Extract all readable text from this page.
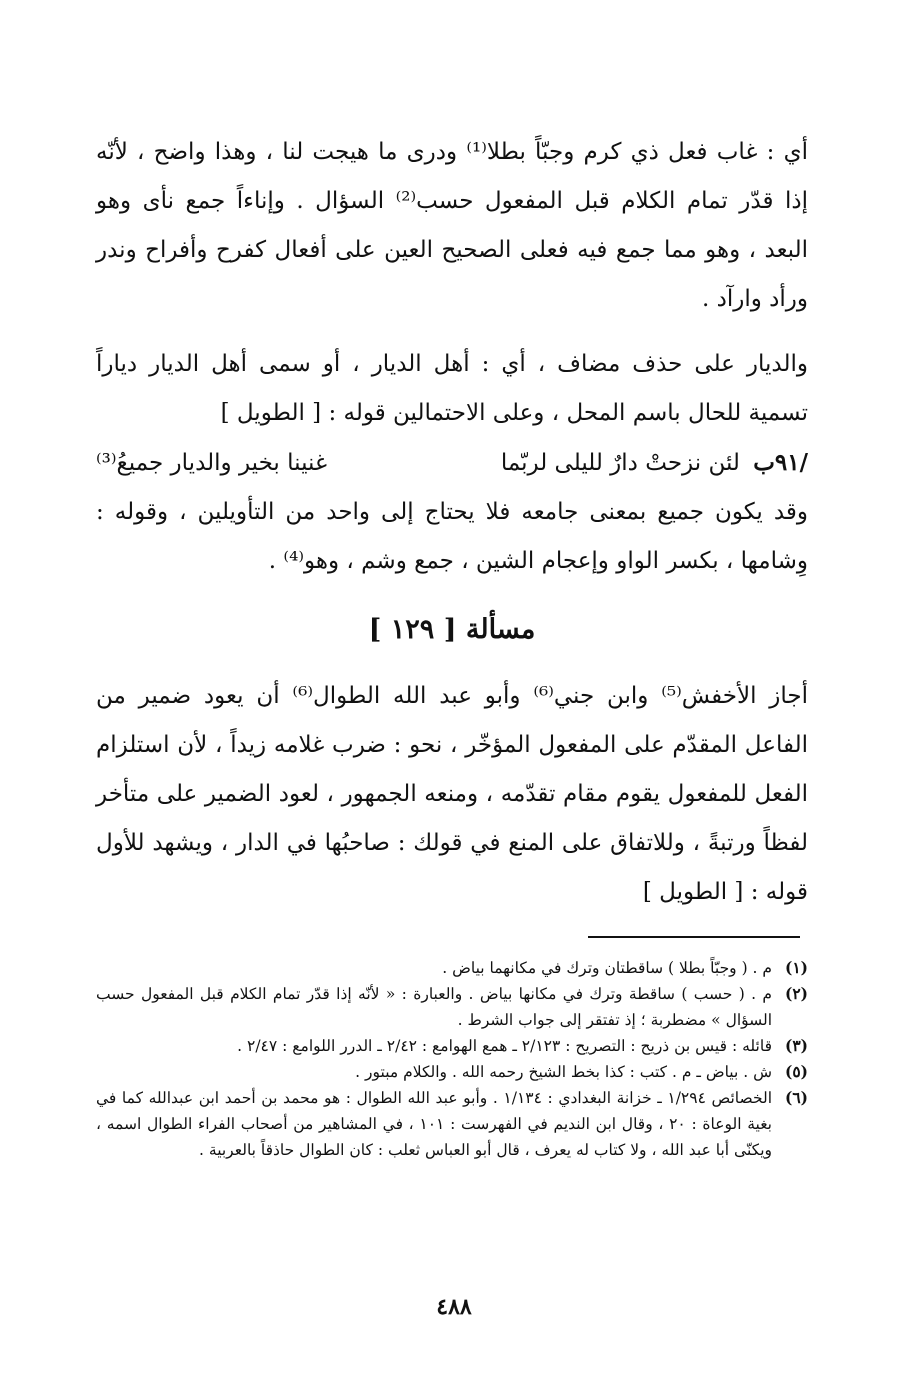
أي : غاب فعل ذي كرم وجبّاً بطلا⁽¹⁾ ودرى ما هيجت لنا ، وهذا واضح ، لأنّه إذا قدّر تمام الكلام قبل المفعول حسب⁽²⁾ السؤال . وإناءاً جمع نأى وهو البعد ، وهو مما جمع فيه فعلى الصحيح العين على أفعال كفرح وأفراح وندر ورأد وارآد .

والديار على حذف مضاف ، أي : أهل الديار ، أو سمى أهل الديار دياراً تسمية للحال باسم المحل ، وعلى الاحتمالين قوله : [ الطويل ]

/٩١ب لئن نزحتْ دارٌ لليلى لربّما
غنينا بخير والديار جميعُ⁽³⁾

وقد يكون جميع بمعنى جامعه فلا يحتاج إلى واحد من التأويلين ، وقوله : وِشامها ، بكسر الواو وإعجام الشين ، جمع وشم ، وهو⁽⁴⁾ .

مسألة [ ١٢٩ ]

أجاز الأخفش⁽⁵⁾ وابن جني⁽⁶⁾ وأبو عبد الله الطوال⁽⁶⁾ أن يعود ضمير من الفاعل المقدّم على المفعول المؤخّر ، نحو : ضرب غلامه زيداً ، لأن استلزام الفعل للمفعول يقوم مقام تقدّمه ، ومنعه الجمهور ، لعود الضمير على متأخر لفظاً ورتبةً ، وللاتفاق على المنع في قولك : صاحبُها في الدار ، ويشهد للأول قوله : [ الطويل ]

(١)
م . ( وجبّاً بطلا ) ساقطتان وترك في مكانهما بياض .
(٢)
م . ( حسب ) ساقطة وترك في مكانها بياض . والعبارة : « لأنّه إذا قدّر تمام الكلام قبل المفعول حسب السؤال » مضطربة ؛ إذ تفتقر إلى جواب الشرط .
(٣)
قائله : قيس بن ذريح : التصريح : ٢/١٢٣ ـ همع الهوامع : ٢/٤٢ ـ الدرر اللوامع : ٢/٤٧ .
(٥)
ش . بياض ـ م . كتب : كذا بخط الشيخ رحمه الله . والكلام مبتور .
(٦)
الخصائص ١/٢٩٤ ـ خزانة البغدادي : ١/١٣٤ . وأبو عبد الله الطوال : هو محمد بن أحمد ابن عبدالله كما في بغية الوعاة : ٢٠ ، وقال ابن النديم في الفهرست : ١٠١ ، في المشاهير من أصحاب الفراء الطوال اسمه ، ويكنّى أبا عبد الله ، ولا كتاب له يعرف ، قال أبو العباس ثعلب : كان الطوال حاذقاً بالعربية .
٤٨٨
